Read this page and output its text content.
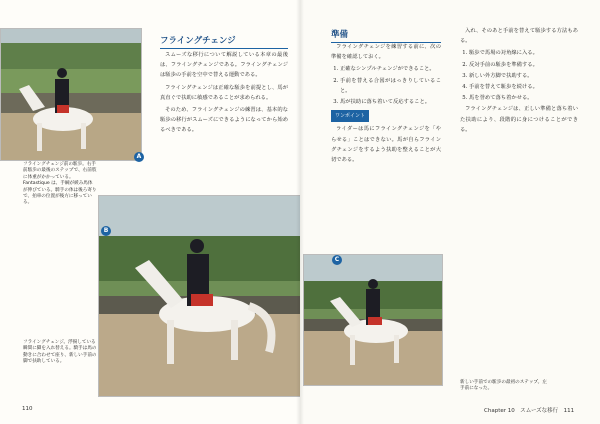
A
フライングチェンジ前の駈歩。右手前駈歩の最後のステップで、右前肢に体重がかかっている。Fantastique は、手綱が緩み馬体が伸びている。騎手の体は後ろ寄りで、拍車の位置が後方に移っている。
B
フライングチェンジ。浮揚している瞬間に脚を入れ替える。騎手は馬の動きに合わせて座り、新しい手前の脚で扶助している。
フライングチェンジ

スムーズな移行について解説している本章の最後は、フライングチェンジである。フライングチェンジは駈歩の手前を空中で替える運動である。

フライングチェンジは正確な駈歩を前提とし、馬が真直ぐで扶助に敏感であることが求められる。

そのため、フライングチェンジの練習は、基本的な駈歩の移行がスムーズにできるようになってから始めるべきである。

110
準備

フライングチェンジを練習する前に、次の準備を確認しておく。

1. 正確なシンプルチェンジができること。
2. 手前を替える合図がはっきりしていること。
3. 馬が扶助に落ち着いて反応すること。
ワンポイント

ライダーは馬にフライングチェンジを「やらせる」ことはできない。馬が自らフライングチェンジをするよう扶助を整えることが大切である。

C
新しい手前での駈歩の最初のステップ。左手前になった。

入れ、そのあと手前を替えて駈歩する方法もある。

1. 駈歩で馬場の対角線に入る。
2. 反対手前の駈歩を準備する。
3. 新しい外方脚で扶助する。
4. 手前を替えて駈歩を続ける。
5. 馬を誉めて落ち着かせる。

フライングチェンジは、正しい準備と落ち着いた扶助により、段階的に身につけることができる。

Chapter 10　スムーズな移行　111
